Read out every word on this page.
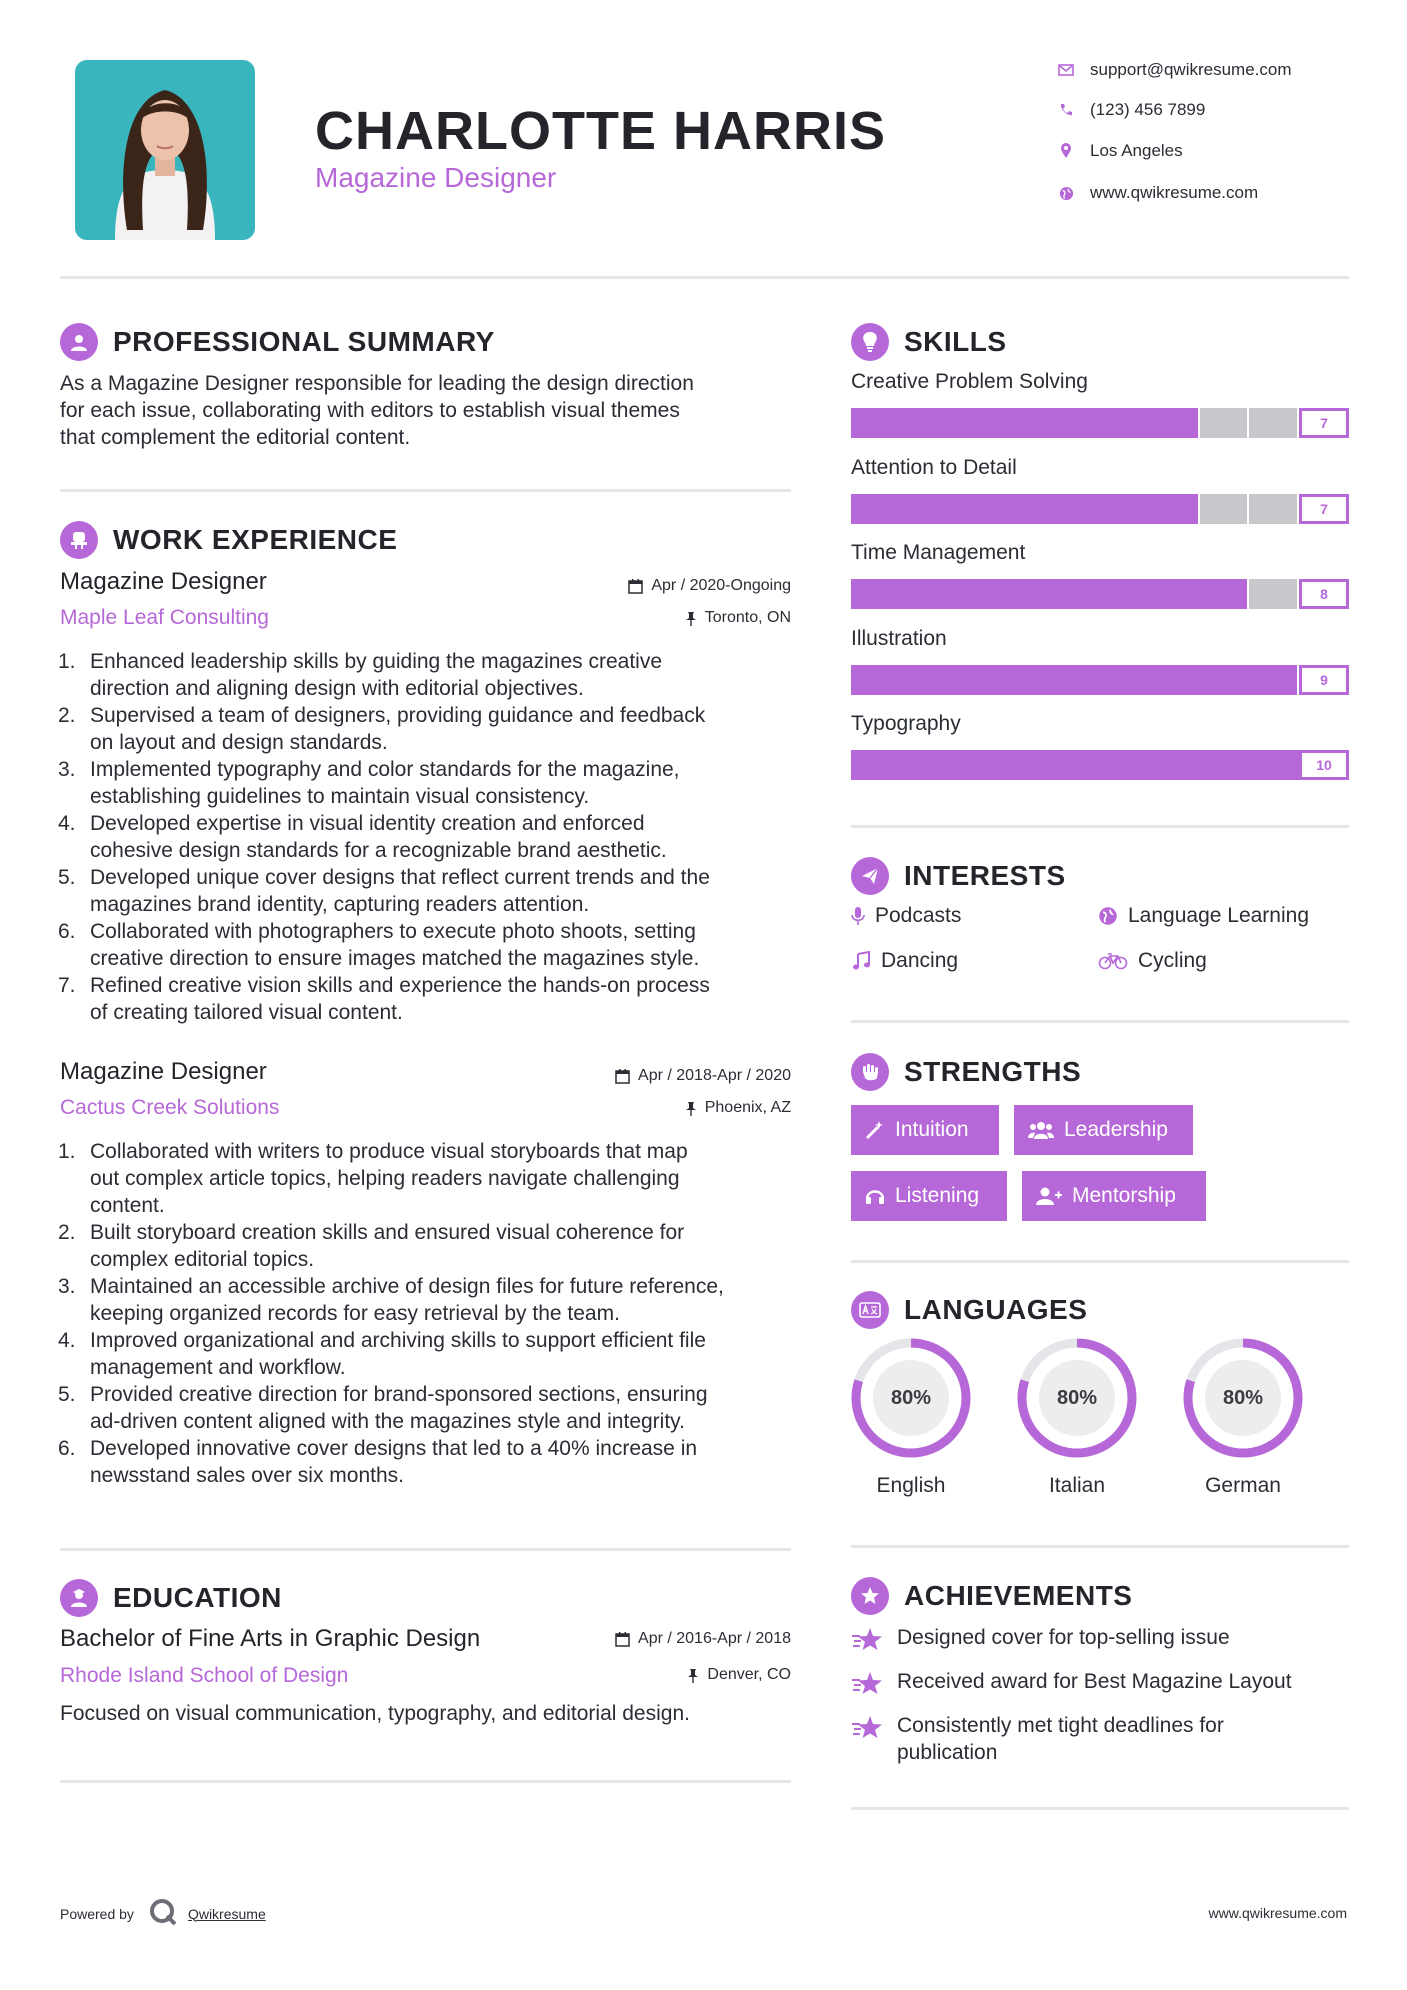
CHARLOTTE HARRIS
Magazine Designer
support@qwikresume.com
(123) 456 7899
Los Angeles
www.qwikresume.com
PROFESSIONAL SUMMARY
As a Magazine Designer responsible for leading the design direction
for each issue, collaborating with editors to establish visual themes
that complement the editorial content.
WORK EXPERIENCE
Magazine Designer	Apr / 2020-Ongoing
Maple Leaf Consulting	Toronto, ON
1. Enhanced leadership skills by guiding the magazines creative
direction and aligning design with editorial objectives.
2. Supervised a team of designers, providing guidance and feedback
on layout and design standards.
3. Implemented typography and color standards for the magazine,
establishing guidelines to maintain visual consistency.
4. Developed expertise in visual identity creation and enforced
cohesive design standards for a recognizable brand aesthetic.
5. Developed unique cover designs that reflect current trends and the
magazines brand identity, capturing readers attention.
6. Collaborated with photographers to execute photo shoots, setting
creative direction to ensure images matched the magazines style.
7. Refined creative vision skills and experience the hands-on process
of creating tailored visual content.
Magazine Designer	Apr / 2018-Apr / 2020
Cactus Creek Solutions	Phoenix, AZ
1. Collaborated with writers to produce visual storyboards that map
out complex article topics, helping readers navigate challenging
content.
2. Built storyboard creation skills and ensured visual coherence for
complex editorial topics.
3. Maintained an accessible archive of design files for future reference,
keeping organized records for easy retrieval by the team.
4. Improved organizational and archiving skills to support efficient file
management and workflow.
5. Provided creative direction for brand-sponsored sections, ensuring
ad-driven content aligned with the magazines style and integrity.
6. Developed innovative cover designs that led to a 40% increase in
newsstand sales over six months.
EDUCATION
Bachelor of Fine Arts in Graphic Design	Apr / 2016-Apr / 2018
Rhode Island School of Design	Denver, CO
Focused on visual communication, typography, and editorial design.
SKILLS
Creative Problem Solving
7
Attention to Detail
7
Time Management
8
Illustration
9
Typography
10
INTERESTS
Podcasts	Language Learning
Dancing	Cycling
STRENGTHS
Intuition	Leadership
Listening	Mentorship
LANGUAGES
80%
English
80%
Italian
80%
German
ACHIEVEMENTS
Designed cover for top-selling issue
Received award for Best Magazine Layout
Consistently met tight deadlines for publication
Powered by	Qwikresume	www.qwikresume.com
